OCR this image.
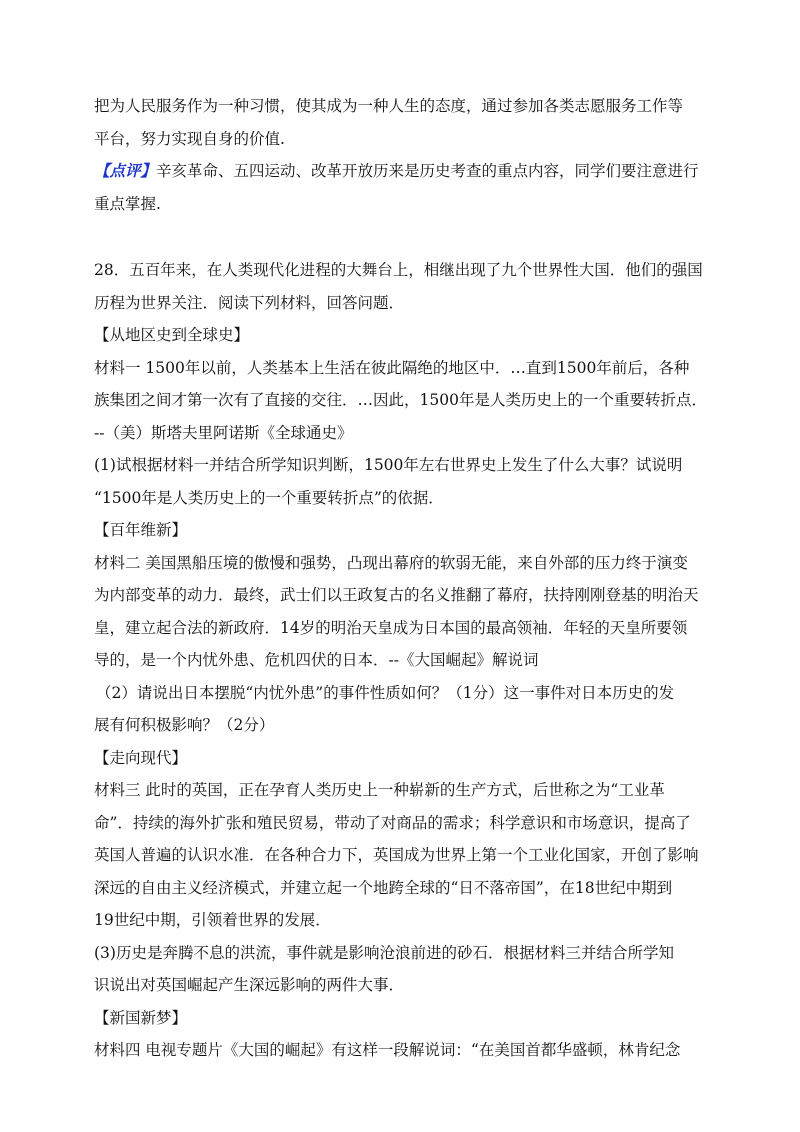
把为人民服务作为一种习惯，使其成为一种人生的态度，通过参加各类志愿服务工作等
平台，努力实现自身的价值.
【点评】辛亥革命、五四运动、改革开放历来是历史考查的重点内容，同学们要注意进行
重点掌握.
28．五百年来，在人类现代化进程的大舞台上，相继出现了九个世界性大国．他们的强国
历程为世界关注．阅读下列材料，回答问题．
【从地区史到全球史】
材料一 1500年以前，人类基本上生活在彼此隔绝的地区中．…直到1500年前后，各种
族集团之间才第一次有了直接的交往．…因此，1500年是人类历史上的一个重要转折点．
--（美）斯塔夫里阿诺斯《全球通史》
(1)试根据材料一并结合所学知识判断，1500年左右世界史上发生了什么大事？试说明
“1500年是人类历史上的一个重要转折点”的依据．
【百年维新】
材料二 美国黑船压境的傲慢和强势，凸现出幕府的软弱无能，来自外部的压力终于演变
为内部变革的动力．最终，武士们以王政复古的名义推翻了幕府，扶持刚刚登基的明治天
皇，建立起合法的新政府．14岁的明治天皇成为日本国的最高领袖．年轻的天皇所要领
导的，是一个内忧外患、危机四伏的日本．--《大国崛起》解说词
（2）请说出日本摆脱“内忧外患”的事件性质如何？（1分）这一事件对日本历史的发
展有何积极影响？（2分）
【走向现代】
材料三 此时的英国，正在孕育人类历史上一种崭新的生产方式，后世称之为“工业革
命”．持续的海外扩张和殖民贸易，带动了对商品的需求；科学意识和市场意识，提高了
英国人普遍的认识水准．在各种合力下，英国成为世界上第一个工业化国家，开创了影响
深远的自由主义经济模式，并建立起一个地跨全球的“日不落帝国”，在18世纪中期到
19世纪中期，引领着世界的发展．
(3)历史是奔腾不息的洪流，事件就是影响沧浪前进的砂石．根据材料三并结合所学知
识说出对英国崛起产生深远影响的两件大事．
【新国新梦】
材料四 电视专题片《大国的崛起》有这样一段解说词：“在美国首都华盛顿，林肯纪念
